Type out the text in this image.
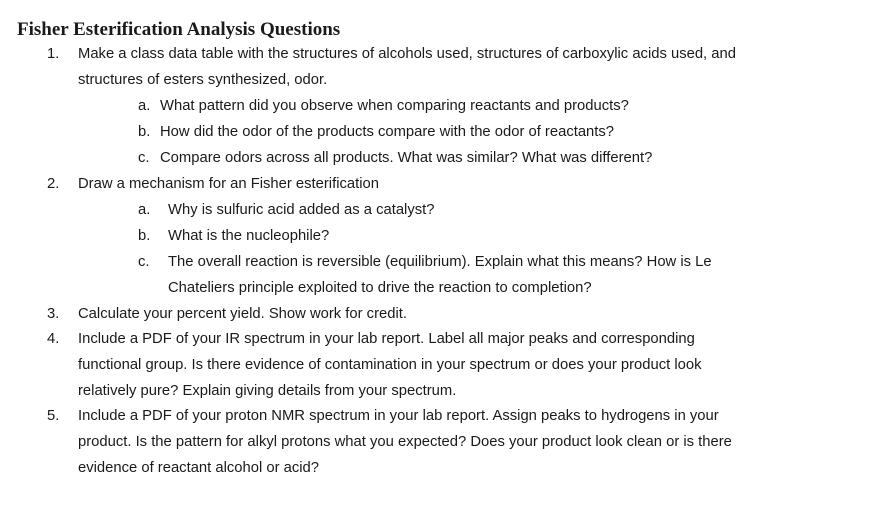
Fisher Esterification Analysis Questions
1. Make a class data table with the structures of alcohols used, structures of carboxylic acids used, and
structures of esters synthesized, odor.
a. What pattern did you observe when comparing reactants and products?
b. How did the odor of the products compare with the odor of reactants?
c. Compare odors across all products. What was similar? What was different?
2. Draw a mechanism for an Fisher esterification
a. Why is sulfuric acid added as a catalyst?
b. What is the nucleophile?
c. The overall reaction is reversible (equilibrium). Explain what this means? How is Le
Chateliers principle exploited to drive the reaction to completion?
3. Calculate your percent yield. Show work for credit.
4. Include a PDF of your IR spectrum in your lab report. Label all major peaks and corresponding
functional group. Is there evidence of contamination in your spectrum or does your product look
relatively pure? Explain giving details from your spectrum.
5. Include a PDF of your proton NMR spectrum in your lab report. Assign peaks to hydrogens in your
product. Is the pattern for alkyl protons what you expected? Does your product look clean or is there
evidence of reactant alcohol or acid?
